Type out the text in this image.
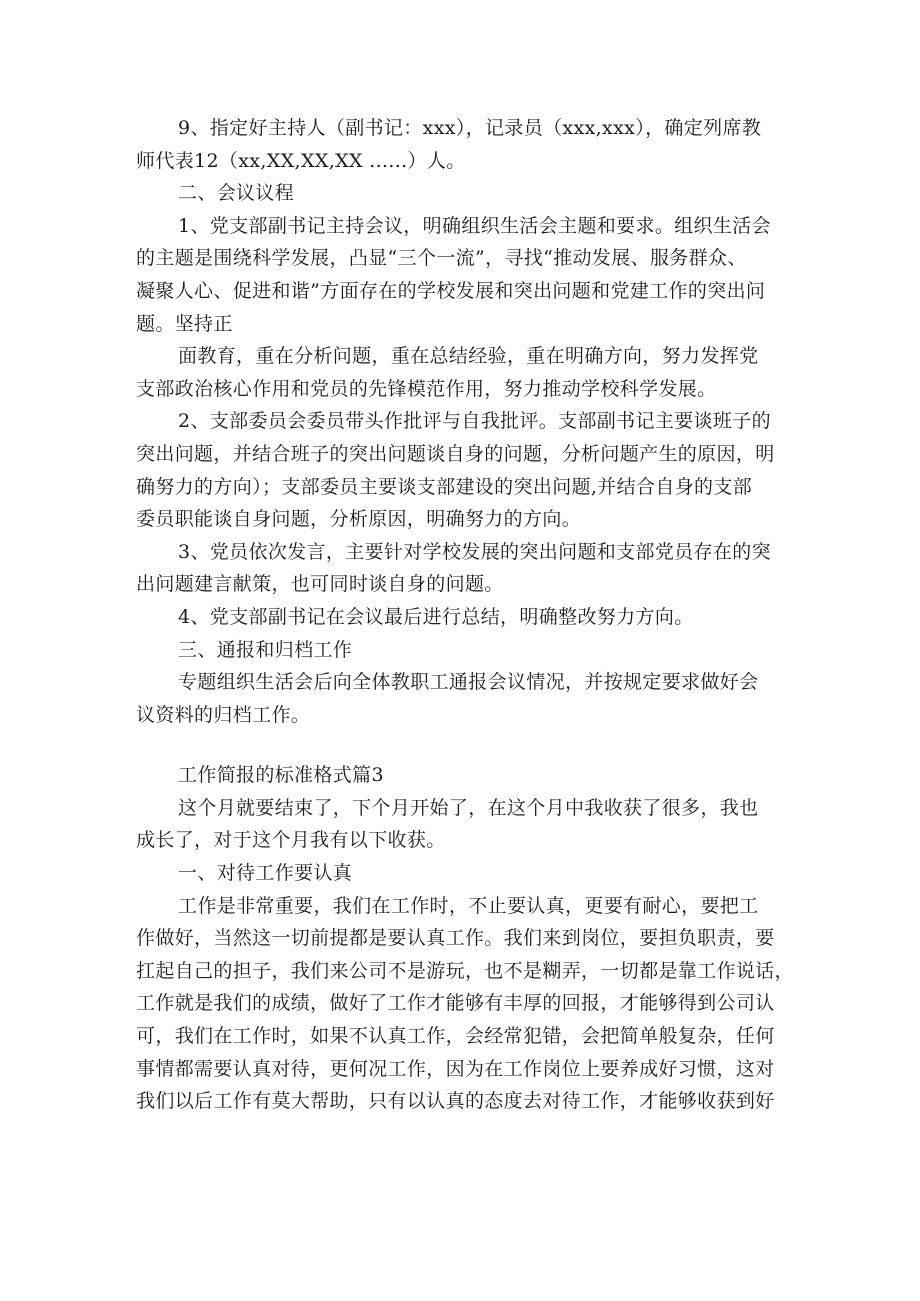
9、指定好主持人（副书记：xxx），记录员（xxx,xxx），确定列席教
师代表12（xx,XX,XX,XX ......）人。
二、会议议程
1、党支部副书记主持会议，明确组织生活会主题和要求。组织生活会
的主题是围绕科学发展，凸显“三个一流”，寻找“推动发展、服务群众、
凝聚人心、促进和谐”方面存在的学校发展和突出问题和党建工作的突出问
题。坚持正
面教育，重在分析问题，重在总结经验，重在明确方向，努力发挥党
支部政治核心作用和党员的先锋模范作用，努力推动学校科学发展。
2、支部委员会委员带头作批评与自我批评。支部副书记主要谈班子的
突出问题，并结合班子的突出问题谈自身的问题，分析问题产生的原因，明
确努力的方向）；支部委员主要谈支部建设的突出问题,并结合自身的支部
委员职能谈自身问题，分析原因，明确努力的方向。
3、党员依次发言，主要针对学校发展的突出问题和支部党员存在的突
出问题建言献策，也可同时谈自身的问题。
4、党支部副书记在会议最后进行总结，明确整改努力方向。
三、通报和归档工作
专题组织生活会后向全体教职工通报会议情况，并按规定要求做好会
议资料的归档工作。
工作简报的标准格式篇3
这个月就要结束了，下个月开始了，在这个月中我收获了很多，我也
成长了，对于这个月我有以下收获。
一、对待工作要认真
工作是非常重要，我们在工作时，不止要认真，更要有耐心，要把工
作做好，当然这一切前提都是要认真工作。我们来到岗位，要担负职责，要
扛起自己的担子，我们来公司不是游玩，也不是糊弄，一切都是靠工作说话，
工作就是我们的成绩，做好了工作才能够有丰厚的回报，才能够得到公司认
可，我们在工作时，如果不认真工作，会经常犯错，会把简单般复杂，任何
事情都需要认真对待，更何况工作，因为在工作岗位上要养成好习惯，这对
我们以后工作有莫大帮助，只有以认真的态度去对待工作，才能够收获到好
